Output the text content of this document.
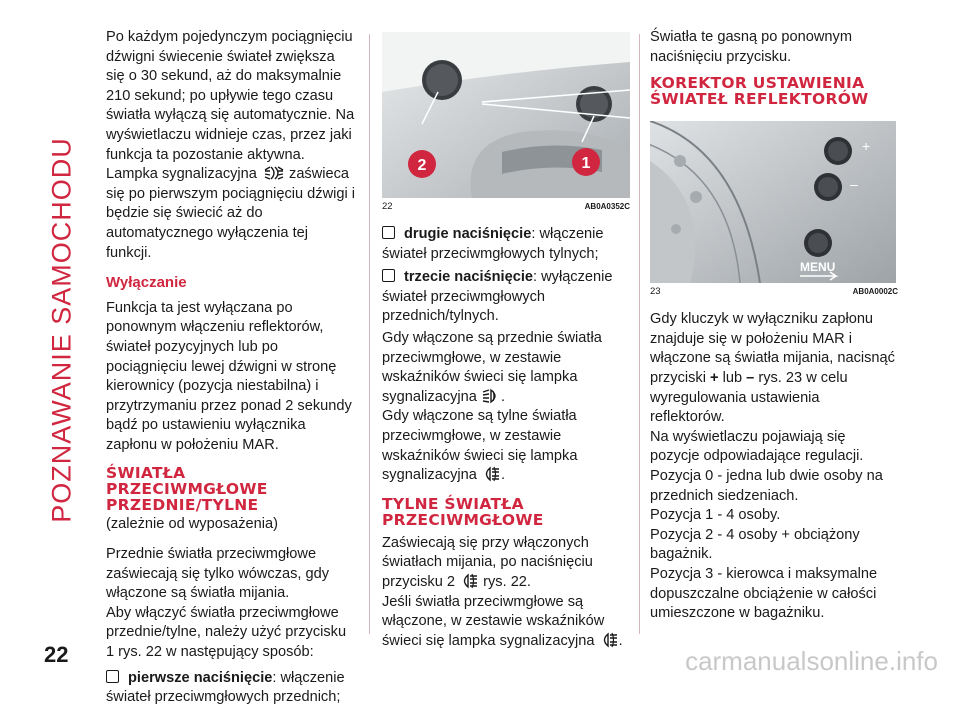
POZNAWANIE SAMOCHODU

Po każdym pojedynczym pociągnięciu dźwigni świecenie świateł zwiększa się o 30 sekund, aż do maksymalnie 210 sekund; po upływie tego czasu światła wyłączą się automatycznie. Na wyświetlaczu widnieje czas, przez jaki funkcja ta pozostanie aktywna. Lampka sygnalizacyjna zaświeca się po pierwszym pociągnięciu dźwigi i będzie się świecić aż do automatycznego wyłączenia tej funkcji.

Wyłączanie

Funkcja ta jest wyłączana po ponownym włączeniu reflektorów, świateł pozycyjnych lub po pociągnięciu lewej dźwigni w stronę kierownicy (pozycja niestabilna) i przytrzymaniu przez ponad 2 sekundy bądź po ustawieniu wyłącznika zapłonu w położeniu MAR.

ŚWIATŁA
PRZECIWMGŁOWE
PRZEDNIE/TYLNE

(zależnie od wyposażenia)

Przednie światła przeciwmgłowe zaświecają się tylko wówczas, gdy włączone są światła mijania.

Aby włączyć światła przeciwmgłowe przednie/tylne, należy użyć przycisku 1 rys. 22 w następujący sposób:

pierwsze naciśnięcie: włączenie świateł przeciwmgłowych przednich;
2	1
22	AB0A0352C
drugie naciśnięcie: włączenie świateł przeciwmgłowych tylnych;
trzecie naciśnięcie: wyłączenie świateł przeciwmgłowych przednich/tylnych.

Gdy włączone są przednie światła przeciwmgłowe, w zestawie wskaźników świeci się lampka sygnalizacyjna .

Gdy włączone są tylne światła przeciwmgłowe, w zestawie wskaźników świeci się lampka sygnalizacyjna .

TYLNE ŚWIATŁA
PRZECIWMGŁOWE

Zaświecają się przy włączonych światłach mijania, po naciśnięciu przycisku 2 rys. 22.

Jeśli światła przeciwmgłowe są włączone, w zestawie wskaźników świeci się lampka sygnalizacyjna .

Światła te gasną po ponownym naciśnięciu przycisku.

KOREKTOR USTAWIENIA
ŚWIATEŁ REFLEKTORÓW
+
–
MENU
23	AB0A0002C

Gdy kluczyk w wyłączniku zapłonu znajduje się w położeniu MAR i włączone są światła mijania, nacisnąć przyciski + lub – rys. 23 w celu wyregulowania ustawienia reflektorów.

Na wyświetlaczu pojawiają się pozycje odpowiadające regulacji.

Pozycja 0 - jedna lub dwie osoby na przednich siedzeniach.

Pozycja 1 - 4 osoby.

Pozycja 2 - 4 osoby + obciążony bagażnik.

Pozycja 3 - kierowca i maksymalne dopuszczalne obciążenie w całości umieszczone w bagażniku.

22	carmanualsonline.info
